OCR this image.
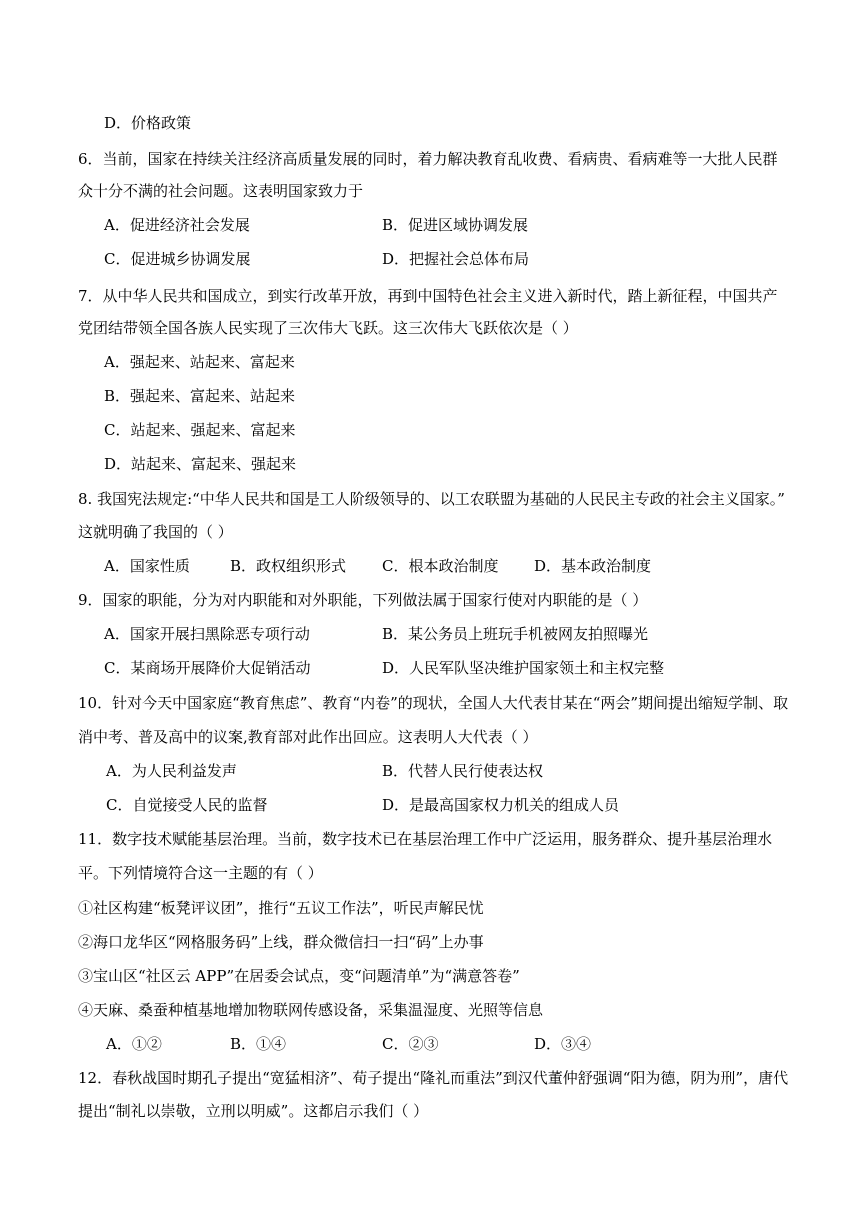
D．价格政策
6．当前，国家在持续关注经济高质量发展的同时，着力解决教育乱收费、看病贵、看病难等一大批人民群
众十分不满的社会问题。这表明国家致力于
A．促进经济社会发展	B．促进区域协调发展
C．促进城乡协调发展	D．把握社会总体布局
7．从中华人民共和国成立，到实行改革开放，再到中国特色社会主义进入新时代，踏上新征程，中国共产
党团结带领全国各族人民实现了三次伟大飞跃。这三次伟大飞跃依次是（ ）
A．强起来、站起来、富起来
B．强起来、富起来、站起来
C．站起来、强起来、富起来
D．站起来、富起来、强起来
8. 我国宪法规定:“中华人民共和国是工人阶级领导的、以工农联盟为基础的人民民主专政的社会主义国家。”
这就明确了我国的（ ）
A．国家性质	B．政权组织形式 C．根本政治制度 D．基本政治制度
9．国家的职能，分为对内职能和对外职能，下列做法属于国家行使对内职能的是（ ）
A．国家开展扫黑除恶专项行动	B．某公务员上班玩手机被网友拍照曝光
C．某商场开展降价大促销活动	D．人民军队坚决维护国家领土和主权完整
10．针对今天中国家庭“教育焦虑”、教育“内卷”的现状，全国人大代表甘某在“两会”期间提出缩短学制、取
消中考、普及高中的议案,教育部对此作出回应。这表明人大代表（ ）
A．为人民利益发声	B．代替人民行使表达权
C．自觉接受人民的监督	D．是最高国家权力机关的组成人员
11．数字技术赋能基层治理。当前，数字技术已在基层治理工作中广泛运用，服务群众、提升基层治理水
平。下列情境符合这一主题的有（ ）
①社区构建“板凳评议团”，推行“五议工作法”，听民声解民忧
②海口龙华区“网格服务码”上线，群众微信扫一扫“码”上办事
③宝山区“社区云 APP”在居委会试点，变“问题清单”为“满意答卷”
④天麻、桑蚕种植基地增加物联网传感设备，采集温湿度、光照等信息
A．①②	B．①④	C．②③	D．③④
12．春秋战国时期孔子提出“宽猛相济”、荀子提出“隆礼而重法”到汉代董仲舒强调“阳为德，阴为刑”，唐代
提出“制礼以崇敬，立刑以明威”。这都启示我们（ ）
